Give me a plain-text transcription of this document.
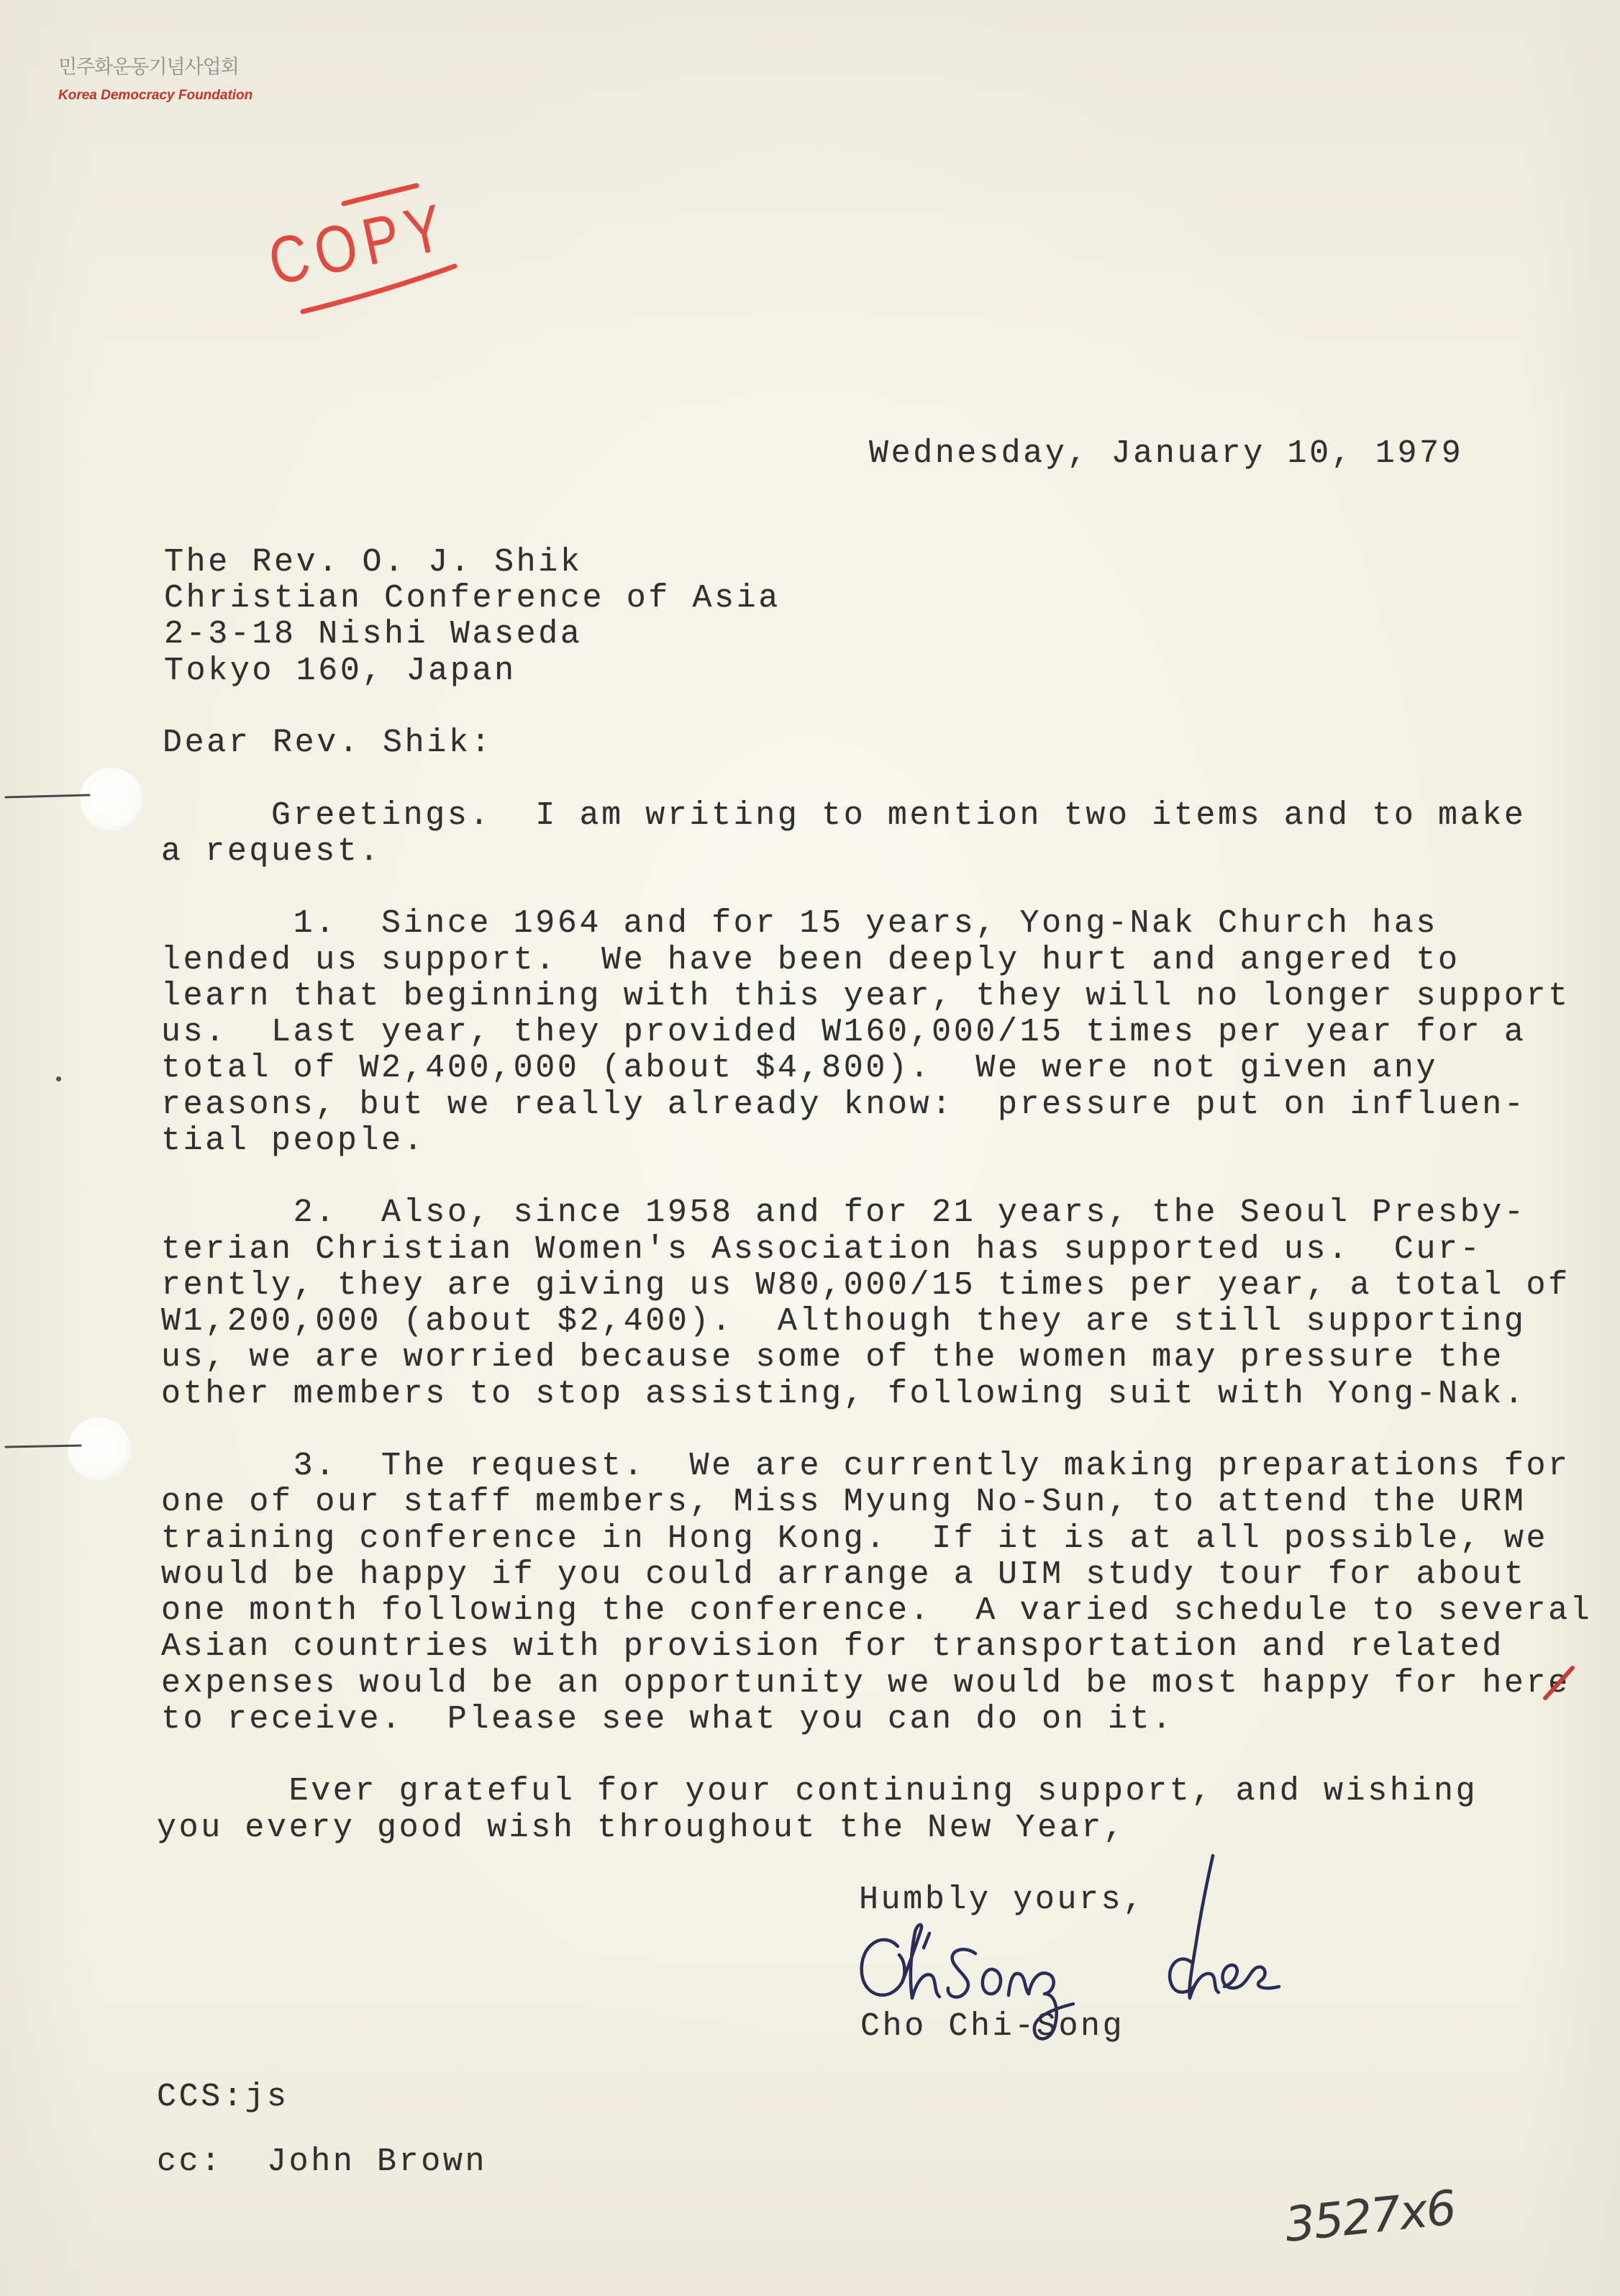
민주화운동기념사업회
Korea Democracy Foundation
COPY
Wednesday, January 10, 1979
The Rev. O. J. Shik
Christian Conference of Asia
2-3-18 Nishi Waseda
Tokyo 160, Japan
Dear Rev. Shik:
Greetings.  I am writing to mention two items and to make
a request.
1.  Since 1964 and for 15 years, Yong-Nak Church has
lended us support.  We have been deeply hurt and angered to
learn that beginning with this year, they will no longer support
us.  Last year, they provided W160,000/15 times per year for a
total of W2,400,000 (about $4,800).  We were not given any
reasons, but we really already know:  pressure put on influen-
tial people.
2.  Also, since 1958 and for 21 years, the Seoul Presby-
terian Christian Women's Association has supported us.  Cur-
rently, they are giving us W80,000/15 times per year, a total of
W1,200,000 (about $2,400).  Although they are still supporting
us, we are worried because some of the women may pressure the
other members to stop assisting, following suit with Yong-Nak.
3.  The request.  We are currently making preparations for
one of our staff members, Miss Myung No-Sun, to attend the URM
training conference in Hong Kong.  If it is at all possible, we
would be happy if you could arrange a UIM study tour for about
one month following the conference.  A varied schedule to several
Asian countries with provision for transportation and related
expenses would be an opportunity we would be most happy for here
to receive.  Please see what you can do on it.
Ever grateful for your continuing support, and wishing
you every good wish throughout the New Year,
Humbly yours,
Cho Chi-Song
CCS:js
cc:  John Brown
3527x6
